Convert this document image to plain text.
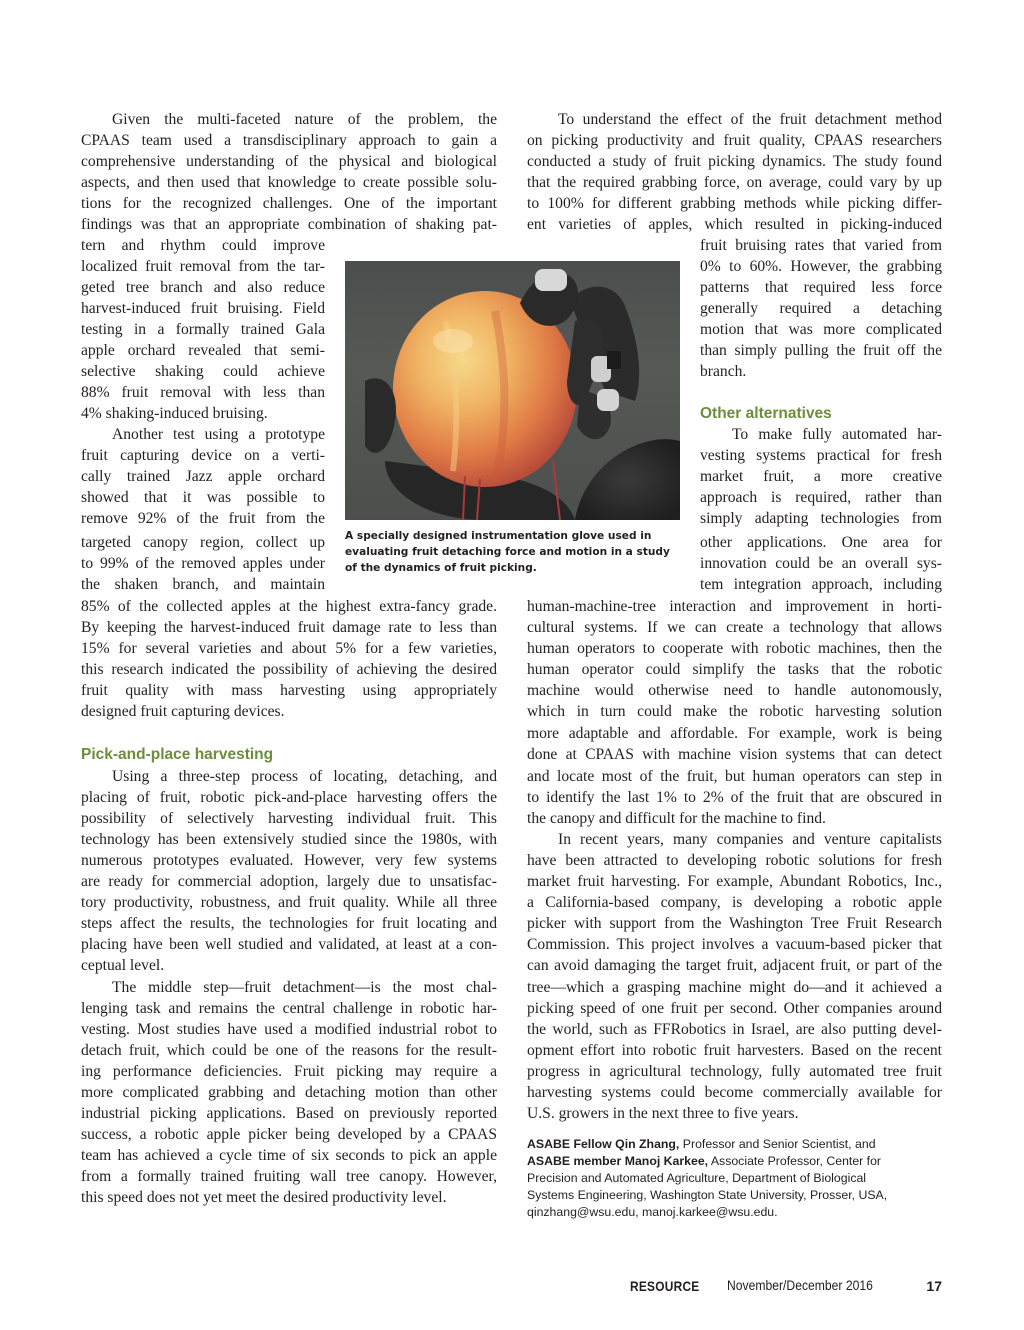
Given the multi-faceted nature of the problem, the
CPAAS team used a transdisciplinary approach to gain a
comprehensive understanding of the physical and biological
aspects, and then used that knowledge to create possible solu-
tions for the recognized challenges. One of the important
findings was that an appropriate combination of shaking pat-
tern and rhythm could improve
localized fruit removal from the tar-
geted tree branch and also reduce
harvest-induced fruit bruising. Field
testing in a formally trained Gala
apple orchard revealed that semi-
selective shaking could achieve
88% fruit removal with less than
4% shaking-induced bruising.
Another test using a prototype
fruit capturing device on a verti-
cally trained Jazz apple orchard
showed that it was possible to
remove 92% of the fruit from the
targeted canopy region, collect up
to 99% of the removed apples under
the shaken branch, and maintain
85% of the collected apples at the highest extra-fancy grade.
By keeping the harvest-induced fruit damage rate to less than
15% for several varieties and about 5% for a few varieties,
this research indicated the possibility of achieving the desired
fruit quality with mass harvesting using appropriately
designed fruit capturing devices.
Pick-and-place harvesting
Using a three-step process of locating, detaching, and
placing of fruit, robotic pick-and-place harvesting offers the
possibility of selectively harvesting individual fruit. This
technology has been extensively studied since the 1980s, with
numerous prototypes evaluated. However, very few systems
are ready for commercial adoption, largely due to unsatisfac-
tory productivity, robustness, and fruit quality. While all three
steps affect the results, the technologies for fruit locating and
placing have been well studied and validated, at least at a con-
ceptual level.
The middle step—fruit detachment—is the most chal-
lenging task and remains the central challenge in robotic har-
vesting. Most studies have used a modified industrial robot to
detach fruit, which could be one of the reasons for the result-
ing performance deficiencies. Fruit picking may require a
more complicated grabbing and detaching motion than other
industrial picking applications. Based on previously reported
success, a robotic apple picker being developed by a CPAAS
team has achieved a cycle time of six seconds to pick an apple
from a formally trained fruiting wall tree canopy. However,
this speed does not yet meet the desired productivity level.
A specially designed instrumentation glove used in
evaluating fruit detaching force and motion in a study
of the dynamics of fruit picking.
To understand the effect of the fruit detachment method
on picking productivity and fruit quality, CPAAS researchers
conducted a study of fruit picking dynamics. The study found
that the required grabbing force, on average, could vary by up
to 100% for different grabbing methods while picking differ-
ent varieties of apples, which resulted in picking-induced
fruit bruising rates that varied from
0% to 60%. However, the grabbing
patterns that required less force
generally required a detaching
motion that was more complicated
than simply pulling the fruit off the
branch.
Other alternatives
To make fully automated har-
vesting systems practical for fresh
market fruit, a more creative
approach is required, rather than
simply adapting technologies from
other applications. One area for
innovation could be an overall sys-
tem integration approach, including
human-machine-tree interaction and improvement in horti-
cultural systems. If we can create a technology that allows
human operators to cooperate with robotic machines, then the
human operator could simplify the tasks that the robotic
machine would otherwise need to handle autonomously,
which in turn could make the robotic harvesting solution
more adaptable and affordable. For example, work is being
done at CPAAS with machine vision systems that can detect
and locate most of the fruit, but human operators can step in
to identify the last 1% to 2% of the fruit that are obscured in
the canopy and difficult for the machine to find.
In recent years, many companies and venture capitalists
have been attracted to developing robotic solutions for fresh
market fruit harvesting. For example, Abundant Robotics, Inc.,
a California-based company, is developing a robotic apple
picker with support from the Washington Tree Fruit Research
Commission. This project involves a vacuum-based picker that
can avoid damaging the target fruit, adjacent fruit, or part of the
tree—which a grasping machine might do—and it achieved a
picking speed of one fruit per second. Other companies around
the world, such as FFRobotics in Israel, are also putting devel-
opment effort into robotic fruit harvesters. Based on the recent
progress in agricultural technology, fully automated tree fruit
harvesting systems could become commercially available for
U.S. growers in the next three to five years.
ASABE Fellow Qin Zhang, Professor and Senior Scientist, and
ASABE member Manoj Karkee, Associate Professor, Center for
Precision and Automated Agriculture, Department of Biological
Systems Engineering, Washington State University, Prosser, USA,
qinzhang@wsu.edu, manoj.karkee@wsu.edu.
RESOURCE November/December 2016	17
